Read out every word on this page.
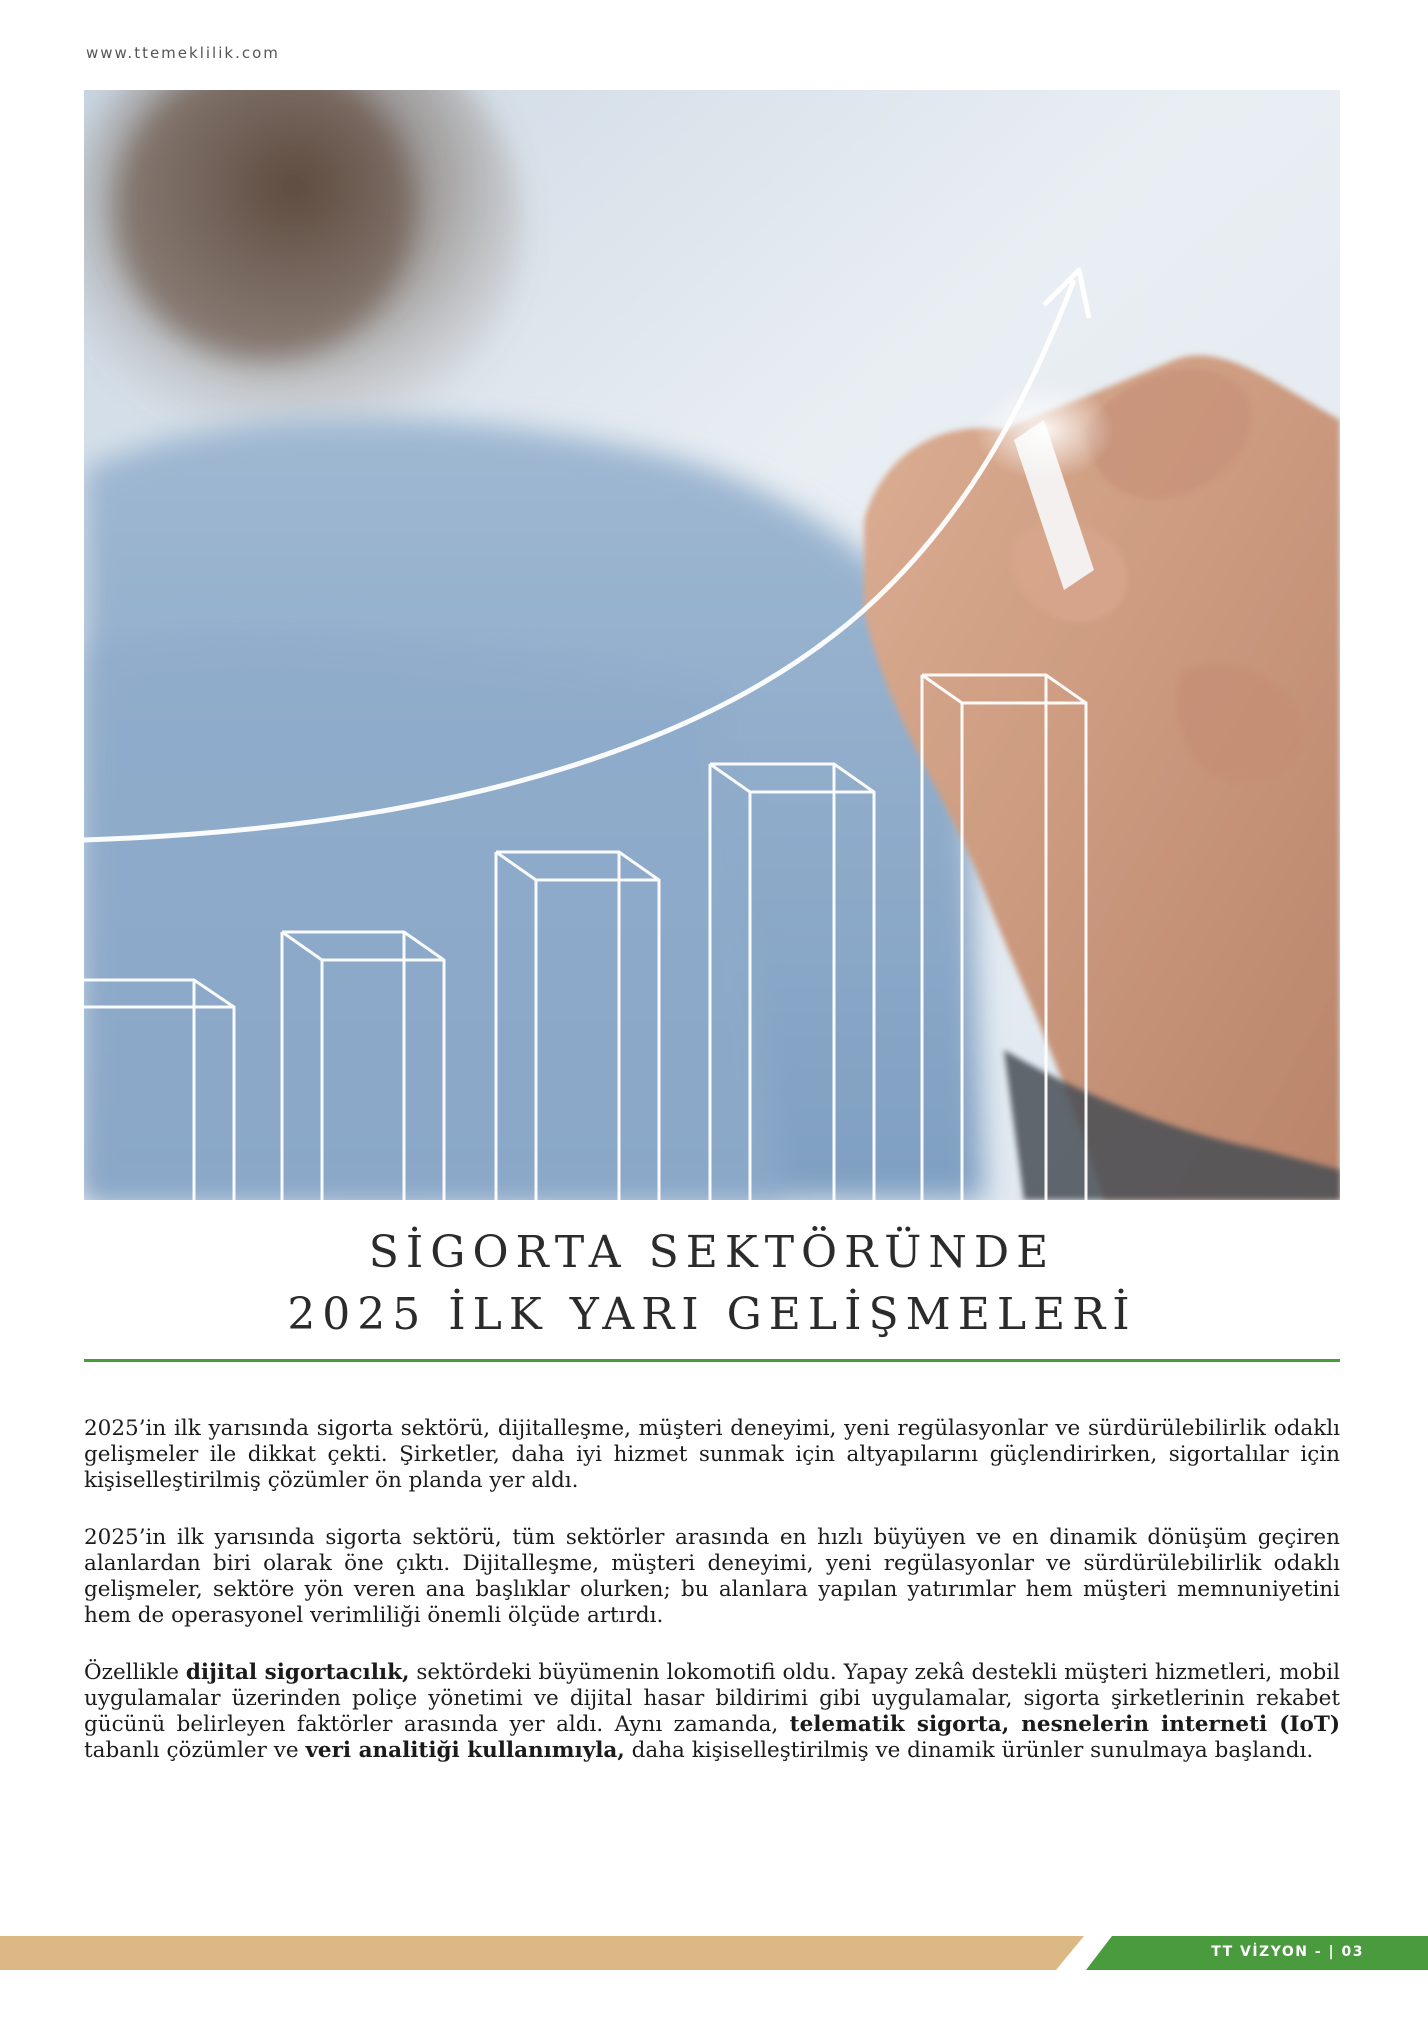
www.ttemeklilik.com
SİGORTA SEKTÖRÜNDE
2025 İLK YARI GELİŞMELERİ

2025’in ilk yarısında sigorta sektörü, dijitalleşme, müşteri deneyimi, yeni regülasyonlar ve sürdürülebilirlik odaklı gelişmeler ile dikkat çekti. Şirketler, daha iyi hizmet sunmak için altyapılarını güçlendirirken, sigortalılar için kişiselleştirilmiş çözümler ön planda yer aldı.

2025’in ilk yarısında sigorta sektörü, tüm sektörler arasında en hızlı büyüyen ve en dinamik dönüşüm geçiren alanlardan biri olarak öne çıktı. Dijitalleşme, müşteri deneyimi, yeni regülasyonlar ve sürdürülebilirlik odaklı gelişmeler, sektöre yön veren ana başlıklar olurken; bu alanlara yapılan yatırımlar hem müşteri memnuniyetini hem de operasyonel verimliliği önemli ölçüde artırdı.

Özellikle dijital sigortacılık, sektördeki büyümenin lokomotifi oldu. Yapay zekâ destekli müşteri hizmetleri, mobil uygulamalar üzerinden poliçe yönetimi ve dijital hasar bildirimi gibi uygulamalar, sigorta şirketlerinin rekabet gücünü belirleyen faktörler arasında yer aldı. Aynı zamanda, telematik sigorta, nesnelerin interneti (IoT) tabanlı çözümler ve veri analitiği kullanımıyla, daha kişiselleştirilmiş ve dinamik ürünler sunulmaya başlandı.

TT VİZYON - | 03
